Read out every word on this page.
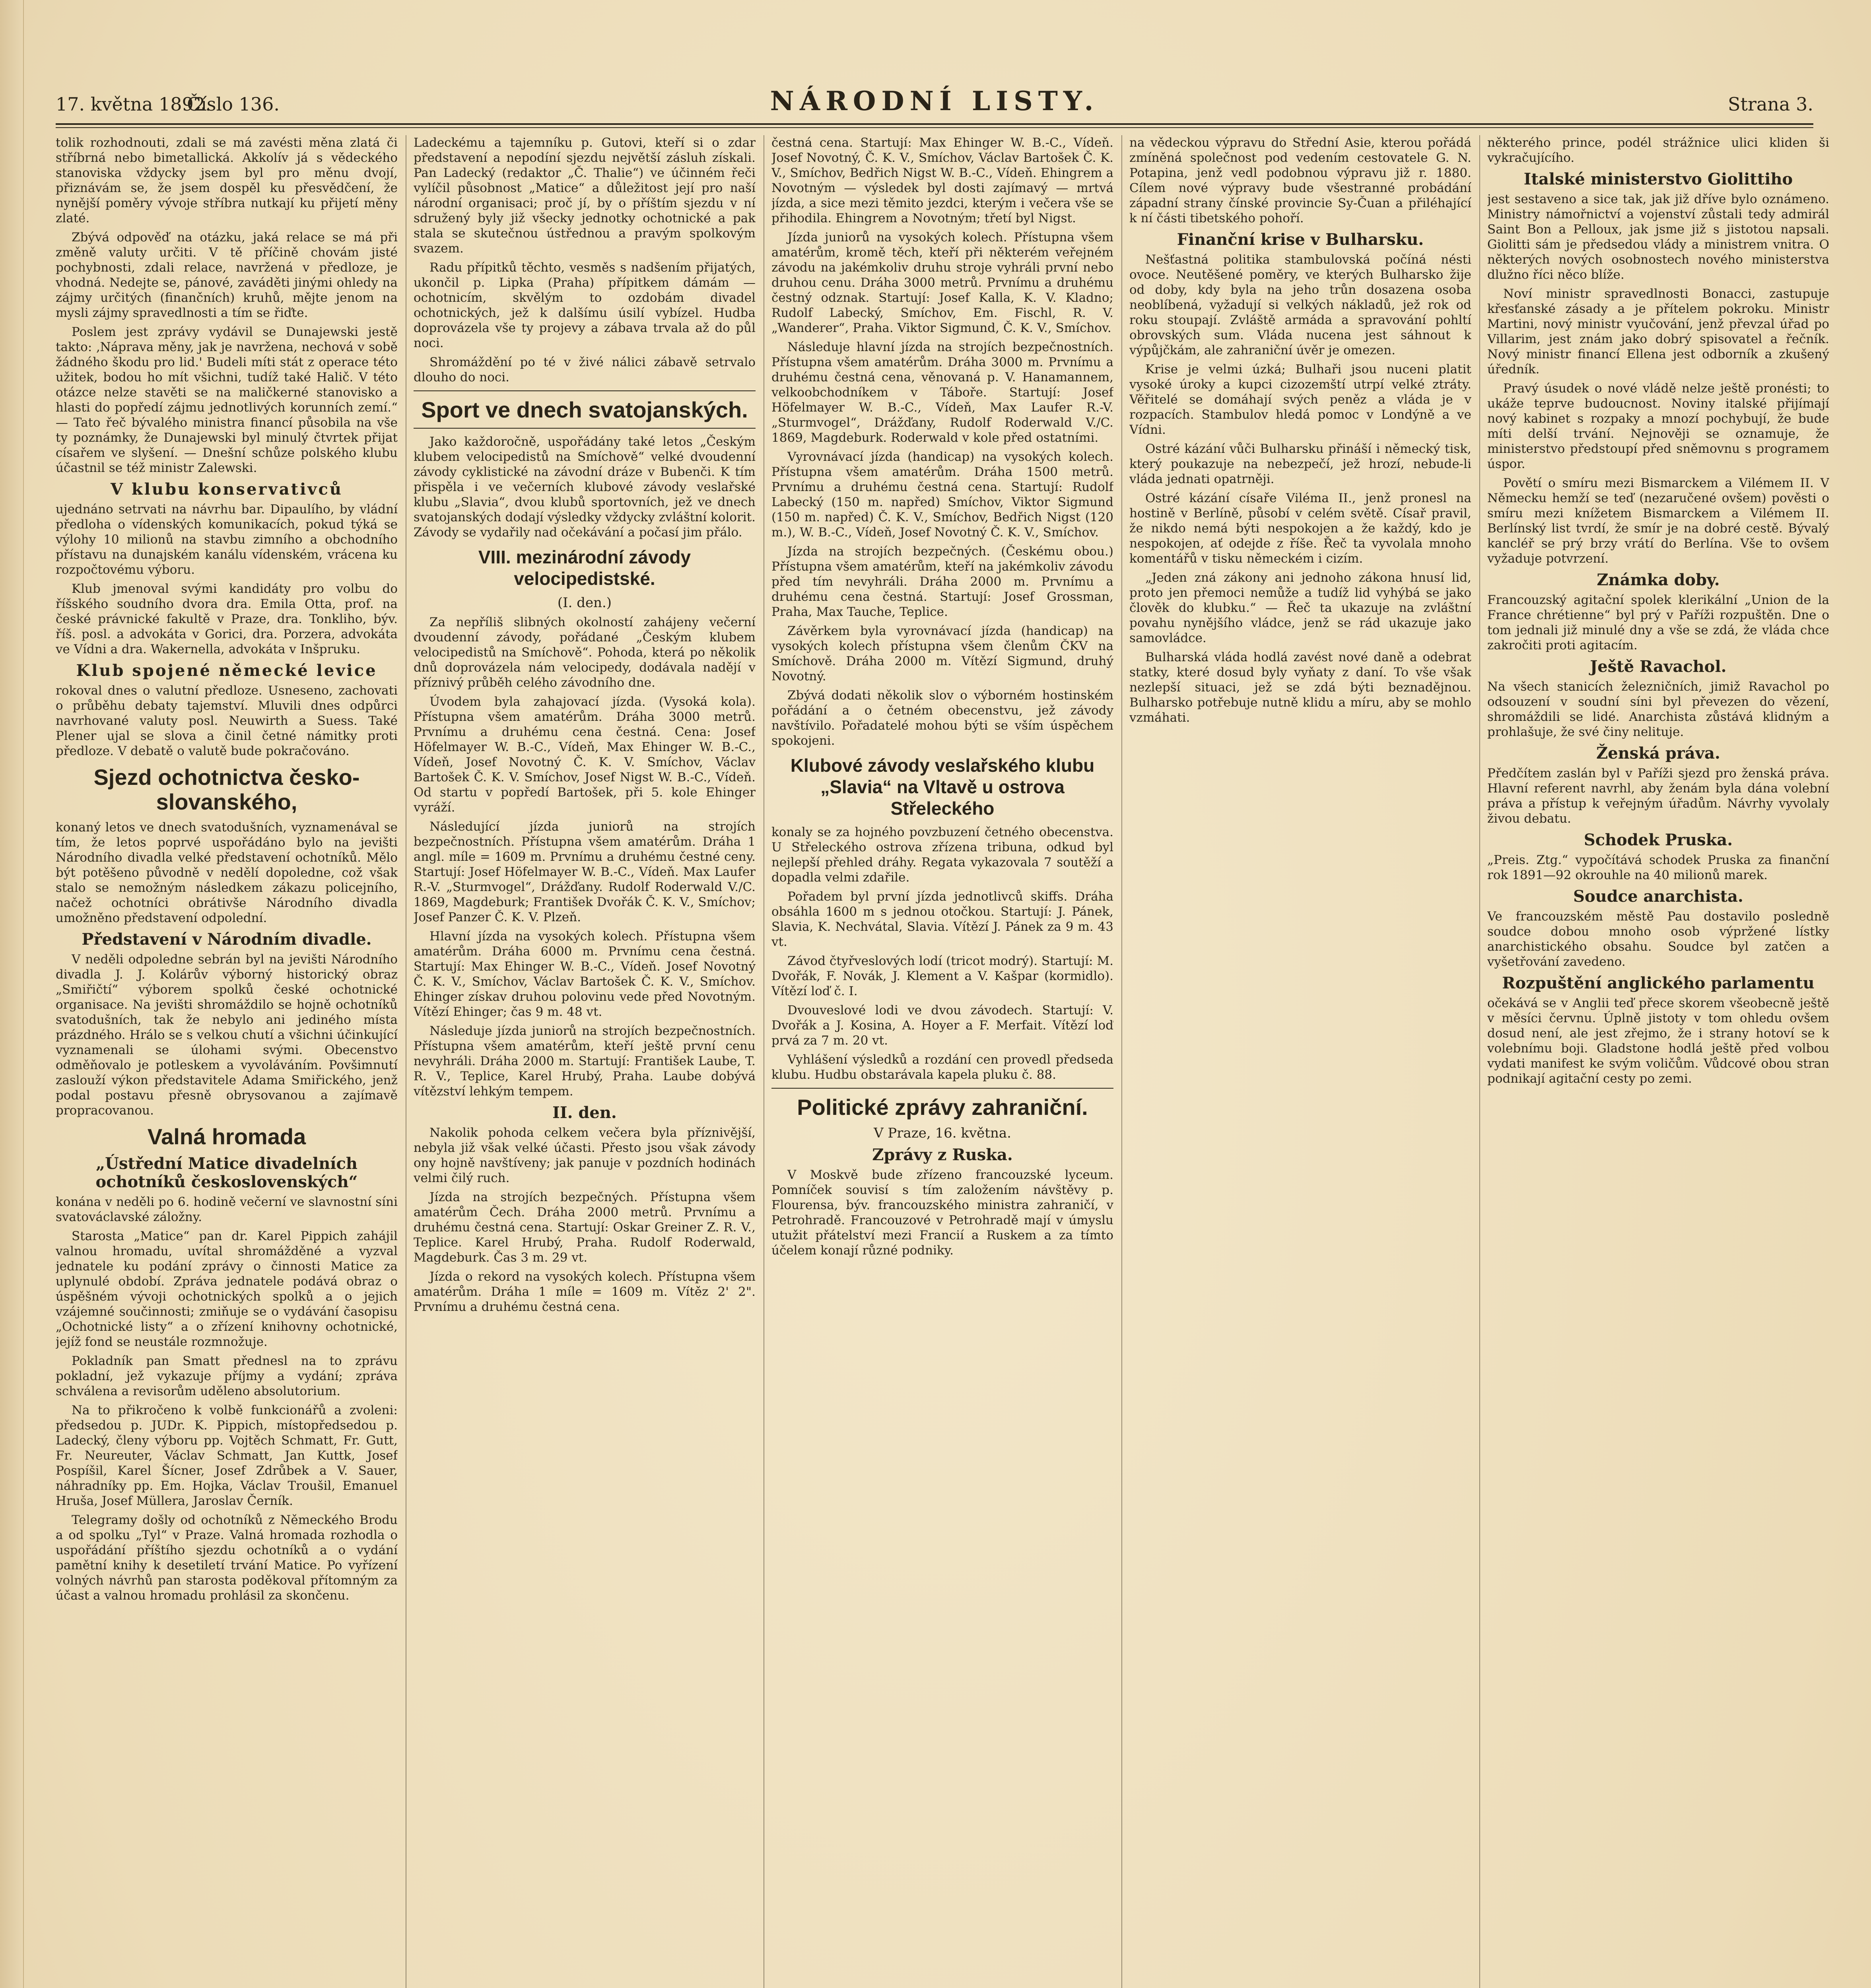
17. května 1892.
Číslo 136.	NÁRODNÍ LISTY.	Strana 3.

tolik rozhodnouti, zdali se má zavésti měna zlatá či stříbrná nebo bimetallická. Akkolív já s vědeckého stanoviska vždycky jsem byl pro měnu dvojí, přiznávám se, že jsem dospěl ku přesvědčení, že nynější poměry vývoje stříbra nutkají ku přijetí měny zlaté.

Zbývá odpověď na otázku, jaká relace se má při změně valuty určiti. V tě příčině chovám jisté pochybnosti, zdali relace, navržená v předloze, je vhodná. Nedejte se, pánové, zaváděti jinými ohledy na zájmy určitých (finančních) kruhů, mějte jenom na mysli zájmy spravedlnosti a tím se řiďte.

Poslem jest zprávy vydávil se Dunajewski jestě takto: ‚Náprava měny, jak je navržena, nechová v sobě žádného škodu pro lid.' Budeli míti stát z operace této užitek, bodou ho mít všichni, tudíž také Halič. V této otázce nelze stavěti se na maličkerné stanovisko a hlasti do popředí zájmu jednotlivých korunních zemí.“ — Tato řeč bývalého ministra financí působila na vše ty poznámky, že Dunajewski byl minulý čtvrtek přijat císařem ve slyšení. — Dnešní schůze polského klubu účastnil se též ministr Zalewski.

V klubu konservativců

ujednáno setrvati na návrhu bar. Dipaulího, by vládní předloha o vídenských komunikacích, pokud týká se výlohy 10 milionů na stavbu zimního a obchodního přístavu na dunajském kanálu vídenském, vrácena ku rozpočtovému výboru.

Klub jmenoval svými kandidáty pro volbu do říšského soudního dvora dra. Emila Otta, prof. na české právnické fakultě v Praze, dra. Tonkliho, býv. říš. posl. a advokáta v Gorici, dra. Porzera, advokáta ve Vídni a dra. Wakernella, advokáta v Inšpruku.

Klub spojené německé levice

rokoval dnes o valutní předloze. Usneseno, zachovati o průběhu debaty tajemství. Mluvili dnes odpůrci navrhované valuty posl. Neuwirth a Suess. Také Plener ujal se slova a činil četné námitky proti předloze. V debatě o valutě bude pokračováno.

Sjezd ochotnictva česko-slovanského,

konaný letos ve dnech svatodušních, vyznamenával se tím, že letos poprvé uspořádáno bylo na jevišti Národního divadla velké představení ochotníků. Mělo být potěšeno původně v nedělí dopoledne, což však stalo se nemožným následkem zákazu policejního, načež ochotníci obrátivše Národního divadla umožněno představení odpolední.

Představení v Národním divadle.

V neděli odpoledne sebrán byl na jevišti Národního divadla J. J. Kolárův výborný historický obraz „Smiřičtí“ výborem spolků české ochotnické organisace. Na jevišti shromáždilo se hojně ochotníků svatodušních, tak že nebylo ani jediného místa prázdného. Hrálo se s velkou chutí a všichni účinkující vyznamenali se úlohami svými. Obecenstvo odměňovalo je potleskem a vyvoláváním. Povšimnutí zaslouží výkon představitele Adama Smiřického, jenž podal postavu přesně obrysovanou a zajímavě propracovanou.

Valná hromada
„Ústřední Matice divadelních ochotníků československých“

konána v neděli po 6. hodině večerní ve slavnostní síni svatováclavské záložny.

Starosta „Matice“ pan dr. Karel Pippich zahájil valnou hromadu, uvítal shromážděné a vyzval jednatele ku podání zprávy o činnosti Matice za uplynulé období. Zpráva jednatele podává obraz o úspěšném vývoji ochotnických spolků a o jejich vzájemné součinnosti; zmiňuje se o vydávání časopisu „Ochotnické listy“ a o zřízení knihovny ochotnické, jejíž fond se neustále rozmnožuje.

Pokladník pan Smatt přednesl na to zprávu pokladní, jež vykazuje příjmy a vydání; zpráva schválena a revisorům uděleno absolutorium.

Na to přikročeno k volbě funkcionářů a zvoleni: předsedou p. JUDr. K. Pippich, místopředsedou p. Ladecký, členy výboru pp. Vojtěch Schmatt, Fr. Gutt, Fr. Neureuter, Václav Schmatt, Jan Kuttk, Josef Pospíšil, Karel Šícner, Josef Zdrůbek a V. Sauer, náhradníky pp. Em. Hojka, Václav Troušil, Emanuel Hruša, Josef Müllera, Jaroslav Černík.

Telegramy došly od ochotníků z Německého Brodu a od spolku „Tyl“ v Praze. Valná hromada rozhodla o uspořádání příštího sjezdu ochotníků a o vydání pamětní knihy k desetiletí trvání Matice. Po vyřízení volných návrhů pan starosta poděkoval přítomným za účast a valnou hromadu prohlásil za skončenu.

Ladeckému a tajemníku p. Gutovi, kteří si o zdar představení a nepodíní sjezdu největší zásluh získali. Pan Ladecký (redaktor „Č. Thalie“) ve účinném řeči vylíčil působnost „Matice“ a důležitost její pro naší národní organisaci; proč jí, by o příštím sjezdu v ní sdružený byly již všecky jednotky ochotnické a pak stala se skutečnou ústřednou a pravým spolkovým svazem.

Radu přípitků těchto, vesměs s nadšením přijatých, ukončil p. Lipka (Praha) přípitkem dámám — ochotnicím, skvělým to ozdobám divadel ochotnických, jež k dalšímu úsilí vybízel. Hudba doprovázela vše ty projevy a zábava trvala až do půl noci.

Shromáždění po té v živé nálici zábavě setrvalo dlouho do noci.

Sport ve dnech svatojanských.

Jako každoročně, uspořádány také letos „Českým klubem velocipedistů na Smíchově“ velké dvoudenní závody cyklistické na závodní dráze v Bubenči. K tím přispěla i ve večerních klubové závody veslařské klubu „Slavia“, dvou klubů sportovních, jež ve dnech svatojanských dodají výsledky vždycky zvláštní kolorit. Závody se vydařily nad očekávání a počasí jim přálo.

VIII. mezinárodní závody velocipedistské.
(I. den.)

Za nepříliš slibných okolností zahájeny večerní dvoudenní závody, pořádané „Českým klubem velocipedistů na Smíchově“. Pohoda, která po několik dnů doprovázela nám velocipedy, dodávala nadějí v příznivý průběh celého závodního dne.

Úvodem byla zahajovací jízda. (Vysoká kola). Přístupna všem amatérům. Dráha 3000 metrů. Prvnímu a druhému cena čestná. Cena: Josef Höfelmayer W. B.-C., Vídeň, Max Ehinger W. B.-C., Vídeň, Josef Novotný Č. K. V. Smíchov, Václav Bartošek Č. K. V. Smíchov, Josef Nigst W. B.-C., Vídeň. Od startu v popředí Bartošek, při 5. kole Ehinger vyráží.

Následující jízda juniorů na strojích bezpečnostních. Přístupna všem amatérům. Dráha 1 angl. míle = 1609 m. Prvnímu a druhému čestné ceny. Startují: Josef Höfelmayer W. B.-C., Vídeň. Max Laufer R.-V. „Sturmvogel“, Drážďany. Rudolf Roderwald V./C. 1869, Magdeburk; František Dvořák Č. K. V., Smíchov; Josef Panzer Č. K. V. Plzeň.

Hlavní jízda na vysokých kolech. Přístupna všem amatérům. Dráha 6000 m. Prvnímu cena čestná. Startují: Max Ehinger W. B.-C., Vídeň. Josef Novotný Č. K. V., Smíchov, Václav Bartošek Č. K. V., Smíchov. Ehinger získav druhou polovinu vede před Novotným. Vítězí Ehinger; čas 9 m. 48 vt.

Následuje jízda juniorů na strojích bezpečnostních. Přístupna všem amatérům, kteří ještě první cenu nevyhráli. Dráha 2000 m. Startují: František Laube, T. R. V., Teplice, Karel Hrubý, Praha. Laube dobývá vítězství lehkým tempem.

II. den.

Nakolik pohoda celkem večera byla příznivější, nebyla již však velké účasti. Přesto jsou však závody ony hojně navštíveny; jak panuje v pozdních hodinách velmi čilý ruch.

Jízda na strojích bezpečných. Přístupna všem amatérům Čech. Dráha 2000 metrů. Prvnímu a druhému čestná cena. Startují: Oskar Greiner Z. R. V., Teplice. Karel Hrubý, Praha. Rudolf Roderwald, Magdeburk. Čas 3 m. 29 vt.

Jízda o rekord na vysokých kolech. Přístupna všem amatérům. Dráha 1 míle = 1609 m. Vítěz 2' 2". Prvnímu a druhému čestná cena.

čestná cena. Startují: Max Ehinger W. B.-C., Vídeň. Josef Novotný, Č. K. V., Smíchov, Václav Bartošek Č. K. V., Smíchov, Bedřich Nigst W. B.-C., Vídeň. Ehingrem a Novotným — výsledek byl dosti zajímavý — mrtvá jízda, a sice mezi těmito jezdci, kterým i večera vše se přihodila. Ehingrem a Novotným; třetí byl Nigst.

Jízda juniorů na vysokých kolech. Přístupna všem amatérům, kromě těch, kteří při některém veřejném závodu na jakémkoliv druhu stroje vyhráli první nebo druhou cenu. Dráha 3000 metrů. Prvnímu a druhému čestný odznak. Startují: Josef Kalla, K. V. Kladno; Rudolf Labecký, Smíchov, Em. Fischl, R. V. „Wanderer“, Praha. Viktor Sigmund, Č. K. V., Smíchov.

Následuje hlavní jízda na strojích bezpečnostních. Přístupna všem amatérům. Dráha 3000 m. Prvnímu a druhému čestná cena, věnovaná p. V. Hanamannem, velkoobchodníkem v Táboře. Startují: Josef Höfelmayer W. B.-C., Vídeň, Max Laufer R.-V. „Sturmvogel“, Drážďany, Rudolf Roderwald V./C. 1869, Magdeburk. Roderwald v kole před ostatními.

Vyrovnávací jízda (handicap) na vysokých kolech. Přístupna všem amatérům. Dráha 1500 metrů. Prvnímu a druhému čestná cena. Startují: Rudolf Labecký (150 m. napřed) Smíchov, Viktor Sigmund (150 m. napřed) Č. K. V., Smíchov, Bedřich Nigst (120 m.), W. B.-C., Vídeň, Josef Novotný Č. K. V., Smíchov.

Jízda na strojích bezpečných. (Českému obou.) Přístupna všem amatérům, kteří na jakémkoliv závodu před tím nevyhráli. Dráha 2000 m. Prvnímu a druhému cena čestná. Startují: Josef Grossman, Praha, Max Tauche, Teplice.

Závěrkem byla vyrovnávací jízda (handicap) na vysokých kolech přístupna všem členům ČKV na Smíchově. Dráha 2000 m. Vítězí Sigmund, druhý Novotný.

Zbývá dodati několik slov o výborném hostinském pořádání a o četném obecenstvu, jež závody navštívilo. Pořadatelé mohou býti se vším úspěchem spokojeni.

Klubové závody veslařského klubu „Slavia“ na Vltavě u ostrova Střeleckého

konaly se za hojného povzbuzení četného obecenstva. U Střeleckého ostrova zřízena tribuna, odkud byl nejlepší přehled dráhy. Regata vykazovala 7 soutěží a dopadla velmi zdařile.

Pořadem byl první jízda jednotlivců skiffs. Dráha obsáhla 1600 m s jednou otočkou. Startují: J. Pánek, Slavia, K. Nechvátal, Slavia. Vítězí J. Pánek za 9 m. 43 vt.

Závod čtyřveslových lodí (tricot modrý). Startují: M. Dvořák, F. Novák, J. Klement a V. Kašpar (kormidlo). Vítězí loď č. I.

Dvouveslové lodi ve dvou závodech. Startují: V. Dvořák a J. Kosina, A. Hoyer a F. Merfait. Vítězí loď prvá za 7 m. 20 vt.

Vyhlášení výsledků a rozdání cen provedl předseda klubu. Hudbu obstarávala kapela pluku č. 88.

Politické zprávy zahraniční.
V Praze, 16. května.
Zprávy z Ruska.

V Moskvě bude zřízeno francouzské lyceum. Pomníček souvisí s tím založením návštěvy p. Flourensa, býv. francouzského ministra zahraničí, v Petrohradě. Francouzové v Petrohradě mají v úmyslu utužit přátelství mezi Francií a Ruskem a za tímto účelem konají různé podniky.

na vědeckou výpravu do Střední Asie, kterou pořádá zmíněná společnost pod vedením cestovatele G. N. Potapina, jenž vedl podobnou výpravu již r. 1880. Cílem nové výpravy bude všestranné probádání západní strany čínské provincie Sy-Čuan a přiléhající k ní části tibetského pohoří.

Finanční krise v Bulharsku.

Nešťastná politika stambulovská počíná nésti ovoce. Neutěšené poměry, ve kterých Bulharsko žije od doby, kdy byla na jeho trůn dosazena osoba neoblíbená, vyžadují si velkých nákladů, jež rok od roku stoupají. Zvláště armáda a spravování pohltí obrovských sum. Vláda nucena jest sáhnout k výpůjčkám, ale zahraniční úvěr je omezen.

Krise je velmi úzká; Bulhaři jsou nuceni platit vysoké úroky a kupci cizozemští utrpí velké ztráty. Věřitelé se domáhají svých peněz a vláda je v rozpacích. Stambulov hledá pomoc v Londýně a ve Vídni.

Ostré kázání vůči Bulharsku přináší i německý tisk, který poukazuje na nebezpečí, jež hrozí, nebude-li vláda jednati opatrněji.

Ostré kázání císaře Viléma II., jenž pronesl na hostině v Berlíně, působí v celém světě. Císař pravil, že nikdo nemá býti nespokojen a že každý, kdo je nespokojen, ať odejde z říše. Řeč ta vyvolala mnoho komentářů v tisku německém i cizím.

„Jeden zná zákony ani jednoho zákona hnusí lid, proto jen přemoci nemůže a tudíž lid vyhýbá se jako člověk do klubku.“ — Řeč ta ukazuje na zvláštní povahu nynějšího vládce, jenž se rád ukazuje jako samovládce.

Bulharská vláda hodlá zavést nové daně a odebrat statky, které dosud byly vyňaty z daní. To vše však nezlepší situaci, jež se zdá býti beznadějnou. Bulharsko potřebuje nutně klidu a míru, aby se mohlo vzmáhati.

některého prince, podél strážnice ulici kliden ši vykračujícího.

Italské ministerstvo Giolittiho

jest sestaveno a sice tak, jak již dříve bylo oznámeno. Ministry námořnictví a vojenství zůstali tedy admirál Saint Bon a Pelloux, jak jsme již s jistotou napsali. Giolitti sám je předsedou vlády a ministrem vnitra. O některých nových osobnostech nového ministerstva dlužno říci něco blíže.

Noví ministr spravedlnosti Bonacci, zastupuje křesťanské zásady a je přítelem pokroku. Ministr Martini, nový ministr vyučování, jenž převzal úřad po Villarim, jest znám jako dobrý spisovatel a řečník. Nový ministr financí Ellena jest odborník a zkušený úředník.

Pravý úsudek o nové vládě nelze ještě pronésti; to ukáže teprve budoucnost. Noviny italské přijímají nový kabinet s rozpaky a mnozí pochybují, že bude míti delší trvání. Nejnověji se oznamuje, že ministerstvo předstoupí před sněmovnu s programem úspor.

Povětí o smíru mezi Bismarckem a Vilémem II. V Německu hemží se teď (nezaručené ovšem) pověsti o smíru mezi knížetem Bismarckem a Vilémem II. Berlínský list tvrdí, že smír je na dobré cestě. Bývalý kancléř se prý brzy vrátí do Berlína. Vše to ovšem vyžaduje potvrzení.

Známka doby.

Francouzský agitační spolek klerikální „Union de la France chrétienne“ byl prý v Paříži rozpuštěn. Dne o tom jednali již minulé dny a vše se zdá, že vláda chce zakročiti proti agitacím.

Ještě Ravachol.

Na všech stanicích železničních, jimiž Ravachol po odsouzení v soudní síni byl převezen do vězení, shromáždili se lidé. Anarchista zůstává klidným a prohlašuje, že své činy nelituje.

Ženská práva.

Předčítem zaslán byl v Paříži sjezd pro ženská práva. Hlavní referent navrhl, aby ženám byla dána volební práva a přístup k veřejným úřadům. Návrhy vyvolaly živou debatu.

Schodek Pruska.

„Preis. Ztg.“ vypočítává schodek Pruska za finanční rok 1891—92 okrouhle na 40 milionů marek.

Soudce anarchista.

Ve francouzském městě Pau dostavilo posledně soudce dobou mnoho osob výpržené lístky anarchistického obsahu. Soudce byl zatčen a vyšetřování zavedeno.

Rozpuštění anglického parlamentu

očekává se v Anglii teď přece skorem všeobecně ještě v měsíci červnu. Úplně jistoty v tom ohledu ovšem dosud není, ale jest zřejmo, že i strany hotoví se k volebnímu boji. Gladstone hodlá ještě před volbou vydati manifest ke svým voličům. Vůdcové obou stran podnikají agitační cesty po zemi.
